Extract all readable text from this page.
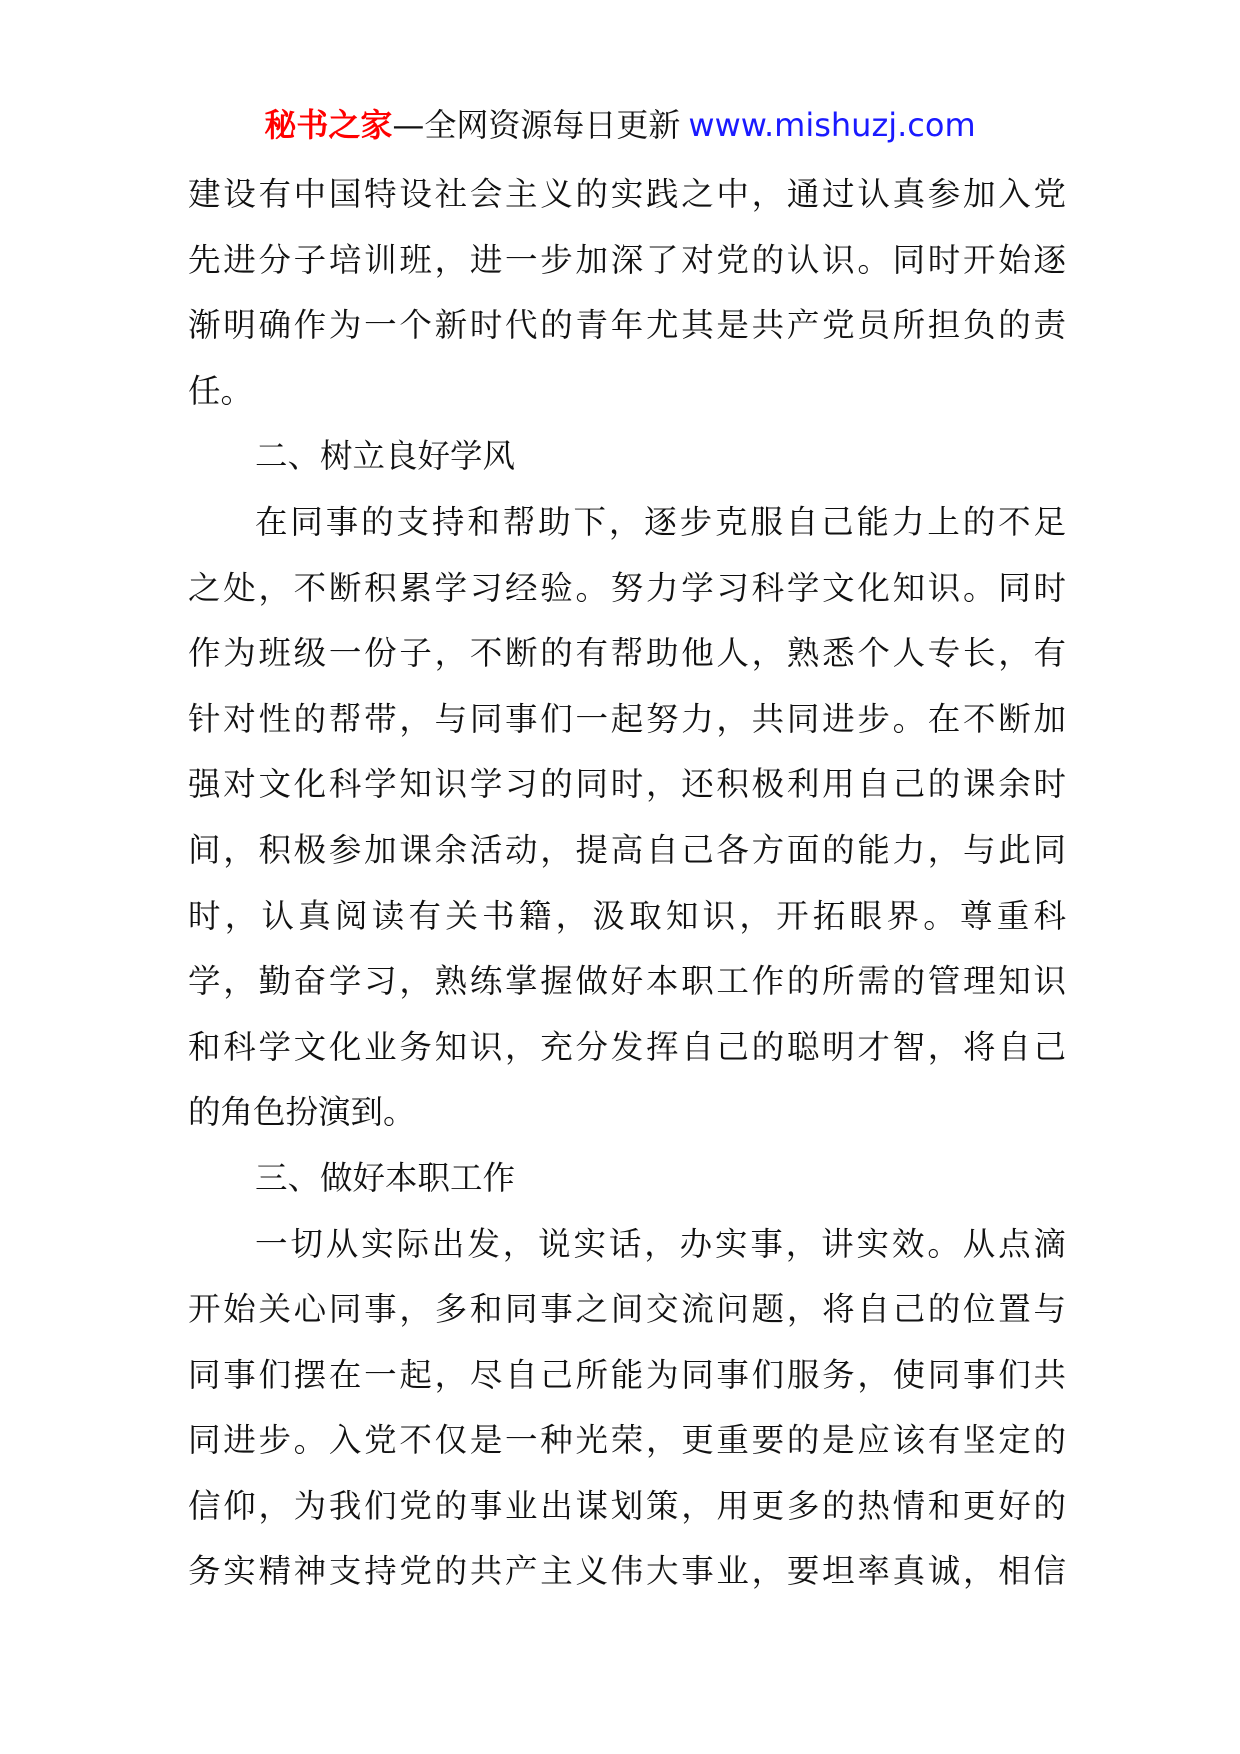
秘书之家—全网资源每日更新 www.mishuzj.com
建设有中国特设社会主义的实践之中，通过认真参加入党
先进分子培训班，进一步加深了对党的认识。同时开始逐
渐明确作为一个新时代的青年尤其是共产党员所担负的责
任。
二、树立良好学风
在同事的支持和帮助下，逐步克服自己能力上的不足
之处，不断积累学习经验。努力学习科学文化知识。同时
作为班级一份子，不断的有帮助他人，熟悉个人专长，有
针对性的帮带，与同事们一起努力，共同进步。在不断加
强对文化科学知识学习的同时，还积极利用自己的课余时
间，积极参加课余活动，提高自己各方面的能力，与此同
时，认真阅读有关书籍，汲取知识，开拓眼界。尊重科
学，勤奋学习，熟练掌握做好本职工作的所需的管理知识
和科学文化业务知识，充分发挥自己的聪明才智，将自己
的角色扮演到。
三、做好本职工作
一切从实际出发，说实话，办实事，讲实效。从点滴
开始关心同事，多和同事之间交流问题，将自己的位置与
同事们摆在一起，尽自己所能为同事们服务，使同事们共
同进步。入党不仅是一种光荣，更重要的是应该有坚定的
信仰，为我们党的事业出谋划策，用更多的热情和更好的
务实精神支持党的共产主义伟大事业，要坦率真诚，相信
